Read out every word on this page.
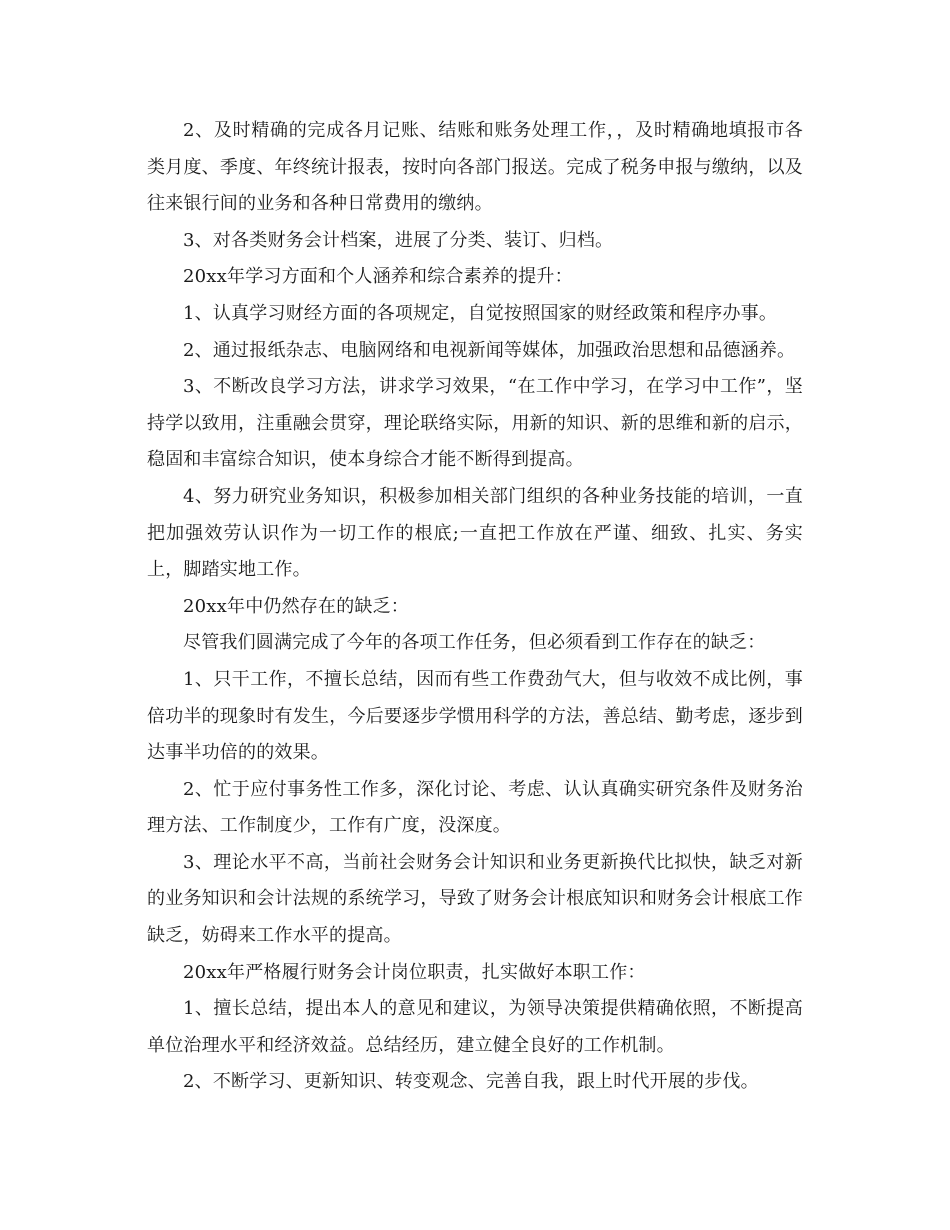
2、及时精确的完成各月记账、结账和账务处理工作，，及时精确地填报市各类月度、季度、年终统计报表，按时向各部门报送。完成了税务申报与缴纳，以及往来银行间的业务和各种日常费用的缴纳。

3、对各类财务会计档案，进展了分类、装订、归档。

20xx年学习方面和个人涵养和综合素养的提升：

1、认真学习财经方面的各项规定，自觉按照国家的财经政策和程序办事。

2、通过报纸杂志、电脑网络和电视新闻等媒体，加强政治思想和品德涵养。

3、不断改良学习方法，讲求学习效果，“在工作中学习，在学习中工作”，坚持学以致用，注重融会贯穿，理论联络实际，用新的知识、新的思维和新的启示，稳固和丰富综合知识，使本身综合才能不断得到提高。

4、努力研究业务知识，积极参加相关部门组织的各种业务技能的培训，一直把加强效劳认识作为一切工作的根底;一直把工作放在严谨、细致、扎实、务实上，脚踏实地工作。

20xx年中仍然存在的缺乏：

尽管我们圆满完成了今年的各项工作任务，但必须看到工作存在的缺乏：

1、只干工作，不擅长总结，因而有些工作费劲气大，但与收效不成比例，事倍功半的现象时有发生，今后要逐步学惯用科学的方法，善总结、勤考虑，逐步到达事半功倍的的效果。

2、忙于应付事务性工作多，深化讨论、考虑、认认真确实研究条件及财务治理方法、工作制度少，工作有广度，没深度。

3、理论水平不高，当前社会财务会计知识和业务更新换代比拟快，缺乏对新的业务知识和会计法规的系统学习，导致了财务会计根底知识和财务会计根底工作缺乏，妨碍来工作水平的提高。

20xx年严格履行财务会计岗位职责，扎实做好本职工作：

1、擅长总结，提出本人的意见和建议，为领导决策提供精确依照，不断提高单位治理水平和经济效益。总结经历，建立健全良好的工作机制。

2、不断学习、更新知识、转变观念、完善自我，跟上时代开展的步伐。
